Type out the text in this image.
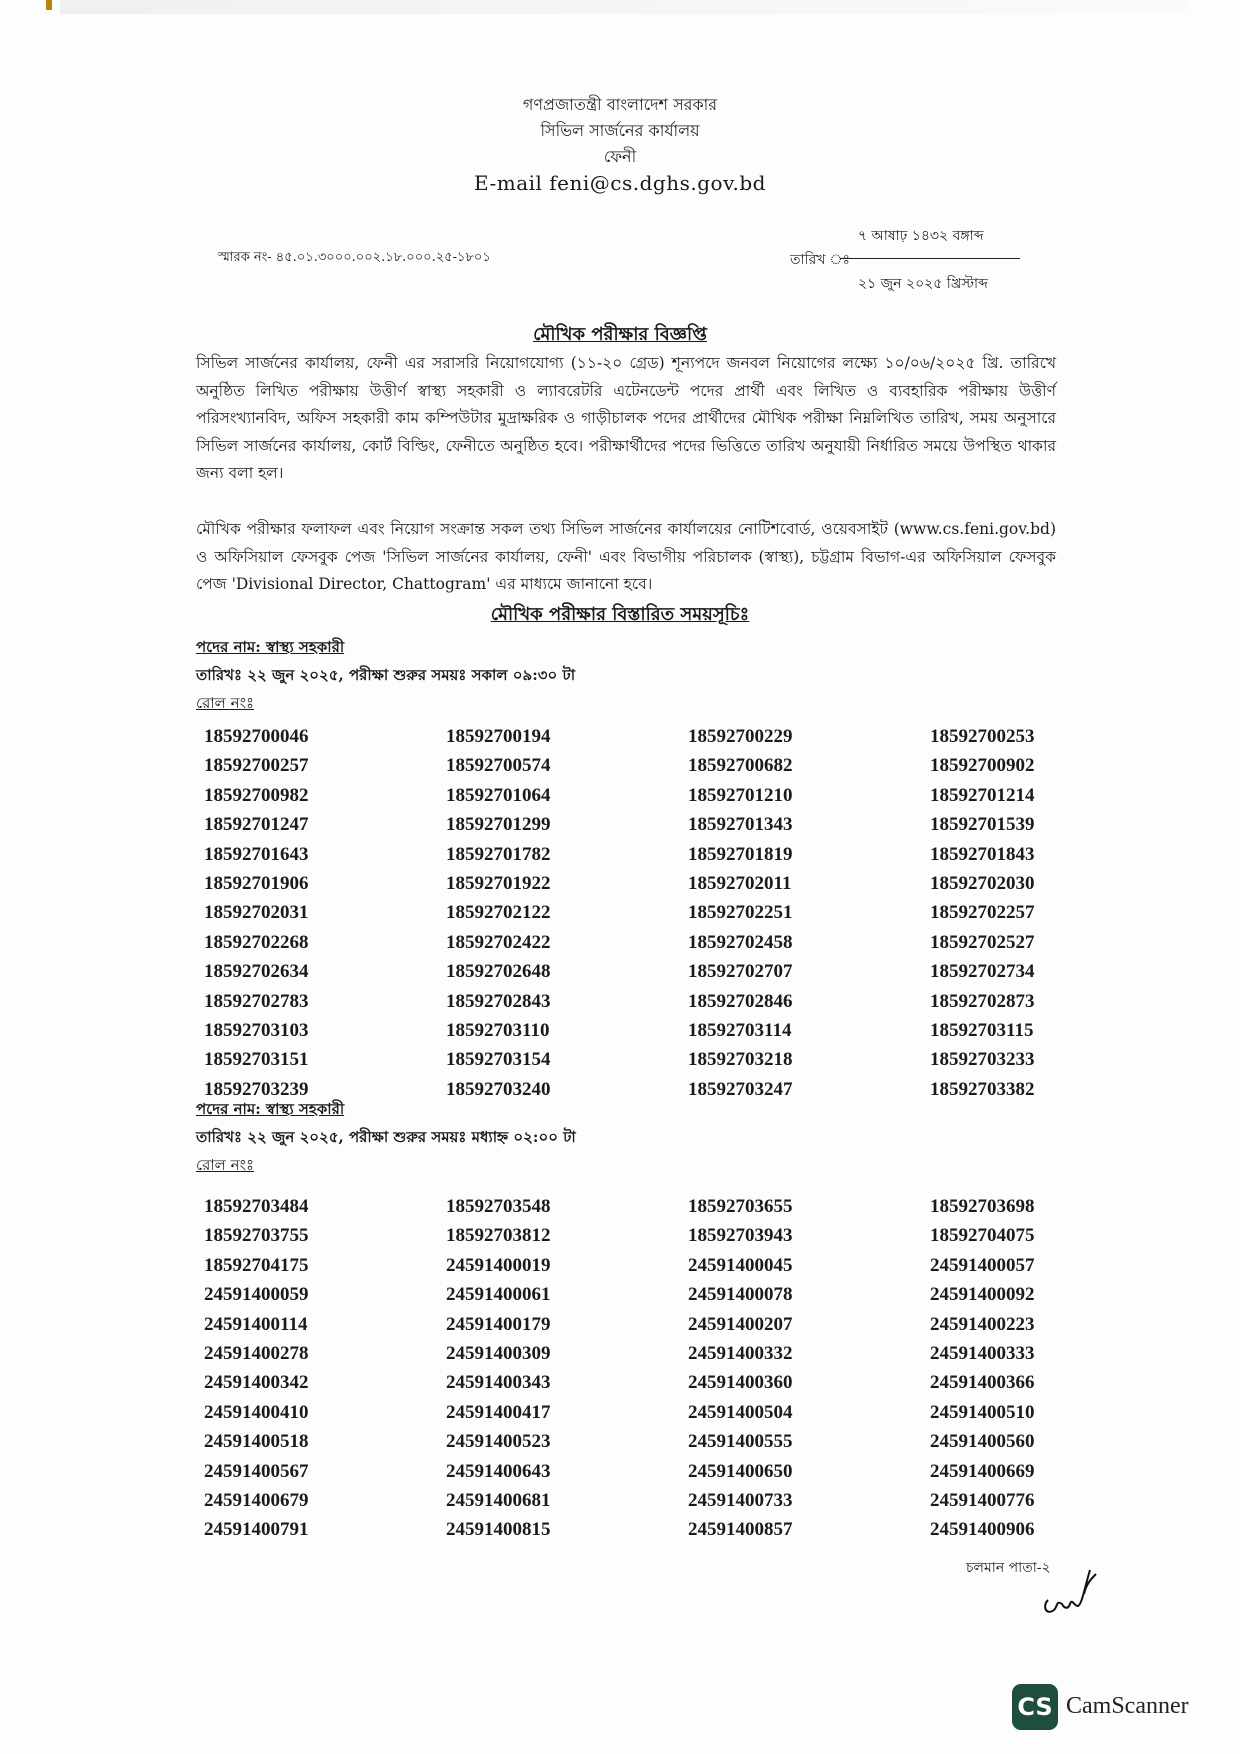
গণপ্রজাতন্ত্রী বাংলাদেশ সরকার
সিভিল সার্জনের কার্যালয়
ফেনী
E-mail feni@cs.dghs.gov.bd
৭ আষাঢ় ১৪৩২ বঙ্গাব্দ
স্মারক নং- ৪৫.০১.৩০০০.০০২.১৮.০০০.২৫-১৮০১	তারিখ ঃ
২১ জুন ২০২৫ খ্রিস্টাব্দ
মৌখিক পরীক্ষার বিজ্ঞপ্তি
সিভিল সার্জনের কার্যালয়, ফেনী এর সরাসরি নিয়োগযোগ্য (১১-২০ গ্রেড) শূন্যপদে জনবল নিয়োগের লক্ষ্যে ১০/০৬/২০২৫ খ্রি. তারিখে অনুষ্ঠিত লিখিত পরীক্ষায় উত্তীর্ণ স্বাস্থ্য সহকারী ও ল্যাবরেটরি এটেনডেন্ট পদের প্রার্থী এবং লিখিত ও ব্যবহারিক পরীক্ষায় উত্তীর্ণ পরিসংখ্যানবিদ, অফিস সহকারী কাম কম্পিউটার মুদ্রাক্ষরিক ও গাড়ীচালক পদের প্রার্থীদের মৌখিক পরীক্ষা নিম্নলিখিত তারিখ, সময় অনুসারে সিভিল সার্জনের কার্যালয়, কোর্ট বিল্ডিং, ফেনীতে অনুষ্ঠিত হবে। পরীক্ষার্থীদের পদের ভিত্তিতে তারিখ অনুযায়ী নির্ধারিত সময়ে উপস্থিত থাকার জন্য বলা হল।
মৌখিক পরীক্ষার ফলাফল এবং নিয়োগ সংক্রান্ত সকল তথ্য সিভিল সার্জনের কার্যালয়ের নোটিশবোর্ড, ওয়েবসাইট (www.cs.feni.gov.bd) ও অফিসিয়াল ফেসবুক পেজ 'সিভিল সার্জনের কার্যালয়, ফেনী' এবং বিভাগীয় পরিচালক (স্বাস্থ্য), চট্টগ্রাম বিভাগ-এর অফিসিয়াল ফেসবুক পেজ 'Divisional Director, Chattogram' এর মাধ্যমে জানানো হবে।
মৌখিক পরীক্ষার বিস্তারিত সময়সূচিঃ
পদের নাম: স্বাস্থ্য সহকারী
তারিখঃ ২২ জুন ২০২৫, পরীক্ষা শুরুর সময়ঃ সকাল ০৯:৩০ টা
রোল নংঃ
18592700046	18592700194	18592700229	18592700253
18592700257	18592700574	18592700682	18592700902
18592700982	18592701064	18592701210	18592701214
18592701247	18592701299	18592701343	18592701539
18592701643	18592701782	18592701819	18592701843
18592701906	18592701922	18592702011	18592702030
18592702031	18592702122	18592702251	18592702257
18592702268	18592702422	18592702458	18592702527
18592702634	18592702648	18592702707	18592702734
18592702783	18592702843	18592702846	18592702873
18592703103	18592703110	18592703114	18592703115
18592703151	18592703154	18592703218	18592703233
18592703239	18592703240	18592703247	18592703382
পদের নাম: স্বাস্থ্য সহকারী
তারিখঃ ২২ জুন ২০২৫, পরীক্ষা শুরুর সময়ঃ মধ্যাহ্ন ০২:০০ টা
রোল নংঃ
18592703484	18592703548	18592703655	18592703698
18592703755	18592703812	18592703943	18592704075
18592704175	24591400019	24591400045	24591400057
24591400059	24591400061	24591400078	24591400092
24591400114	24591400179	24591400207	24591400223
24591400278	24591400309	24591400332	24591400333
24591400342	24591400343	24591400360	24591400366
24591400410	24591400417	24591400504	24591400510
24591400518	24591400523	24591400555	24591400560
24591400567	24591400643	24591400650	24591400669
24591400679	24591400681	24591400733	24591400776
24591400791	24591400815	24591400857	24591400906
চলমান পাতা-২
CS CamScanner
